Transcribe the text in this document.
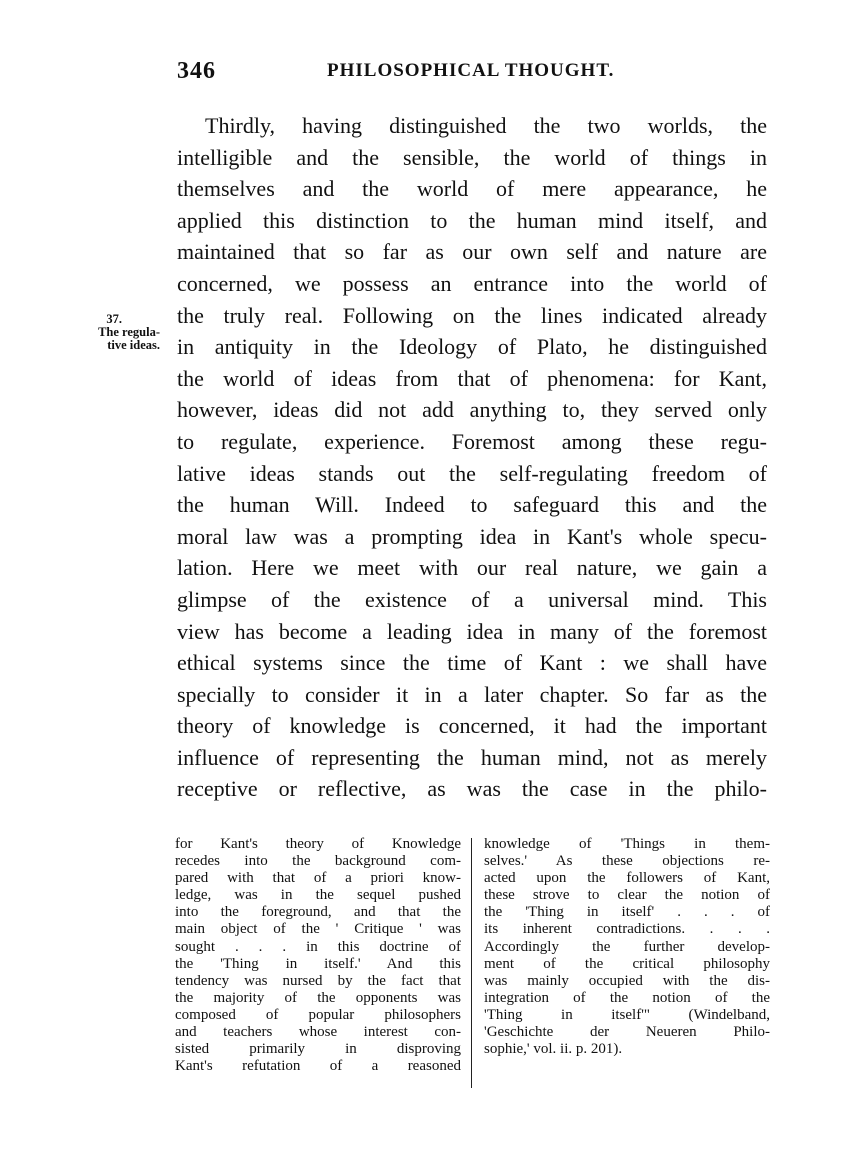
346	PHILOSOPHICAL THOUGHT.
37.
The regula-
tive ideas.
Thirdly, having distinguished the two worlds, the
intelligible and the sensible, the world of things in
themselves and the world of mere appearance, he
applied this distinction to the human mind itself, and
maintained that so far as our own self and nature are
concerned, we possess an entrance into the world of
the truly real. Following on the lines indicated already
in antiquity in the Ideology of Plato, he distinguished
the world of ideas from that of phenomena: for Kant,
however, ideas did not add anything to, they served only
to regulate, experience. Foremost among these regu-
lative ideas stands out the self-regulating freedom of
the human Will. Indeed to safeguard this and the
moral law was a prompting idea in Kant's whole specu-
lation. Here we meet with our real nature, we gain a
glimpse of the existence of a universal mind. This
view has become a leading idea in many of the foremost
ethical systems since the time of Kant : we shall have
specially to consider it in a later chapter. So far as the
theory of knowledge is concerned, it had the important
influence of representing the human mind, not as merely
receptive or reflective, as was the case in the philo-
for Kant's theory of Knowledge
recedes into the background com-
pared with that of a priori know-
ledge, was in the sequel pushed
into the foreground, and that the
main object of the ' Critique ' was
sought . . . in this doctrine of
the 'Thing in itself.' And this
tendency was nursed by the fact that
the majority of the opponents was
composed of popular philosophers
and teachers whose interest con-
sisted primarily in disproving
Kant's refutation of a reasoned
knowledge of 'Things in them-
selves.' As these objections re-
acted upon the followers of Kant,
these strove to clear the notion of
the 'Thing in itself' . . . of
its inherent contradictions. . . .
Accordingly the further develop-
ment of the critical philosophy
was mainly occupied with the dis-
integration of the notion of the
'Thing in itself'" (Windelband,
'Geschichte der Neueren Philo-
sophie,' vol. ii. p. 201).
